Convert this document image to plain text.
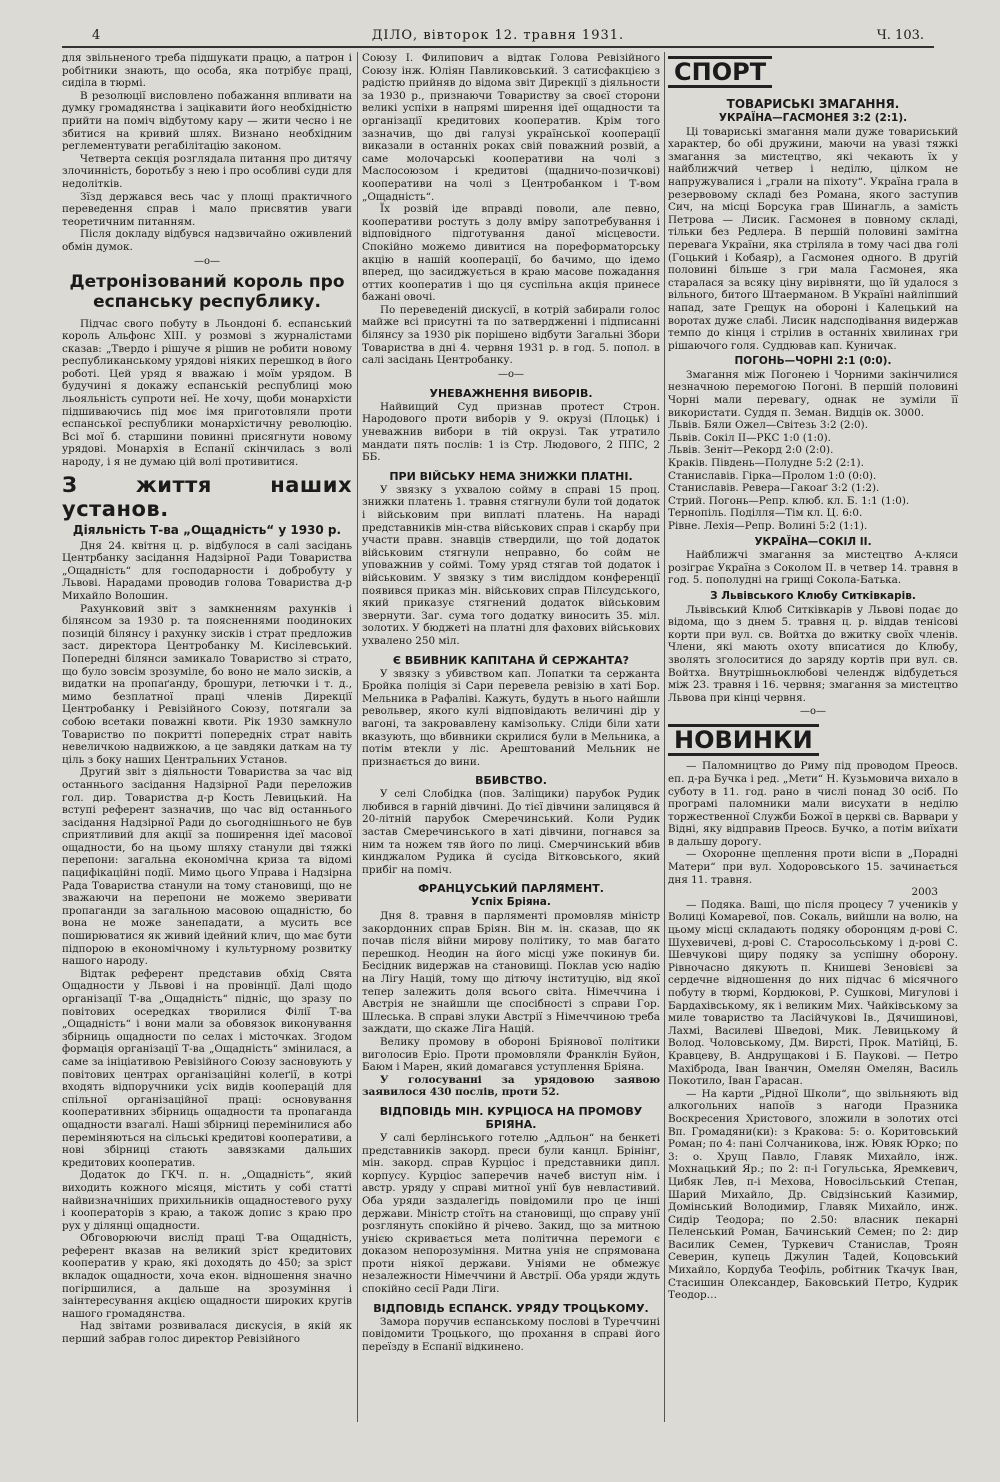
4	ДІЛО, вівторок 12. травня 1931.	Ч. 103.

для звільненого треба підшукати працю, а патрон і робітники знають, що особа, яка потрібує праці, сиділа в тюрмі.

В резолюції висловлено побажання впливати на думку громадянства і зацікавити його необхідністю прийти на поміч відбутому кару — жити чесно і не збитися на кривий шлях. Визнано необхідним реглементувати регабілітацію законом.

Четверта секція розглядала питання про дитячу злочинність, боротьбу з нею і про особливі суди для недолітків.

Зїзд держався весь час у площі практичного переведення справ і мало присвятив уваги теоретичним питанням.

Після докладу відбувся надзвичайно оживлений обмін думок.

—o—
Детронізований король про еспанську республику.

Підчас свого побуту в Льондоні б. еспанський король Альфонс XIII. у розмові з журналістами сказав: „Твердо і рішуче я рішив не робити новому республиканському урядові ніяких перешкод в його роботі. Цей уряд я вважаю і моїм урядом. В будучині я докажу еспанській республиці мою льояльність супроти неї. Не хочу, щоби монархісти підшиваючись під моє імя приготовляли проти еспанської республики монархістичну революцію. Всі мої б. старшини повинні присягнути новому урядові. Монархія в Еспанії скінчилась з волі народу, і я не думаю цій волі противитися.

З життя наших установ.
Діяльність Т-ва „Ощадність“ у 1930 р.

Дня 24. квітня ц. р. відбулося в салі засідань Центрбанку засідання Надзірної Ради Товариства „Ощадність“ для господарности і добробуту у Львові. Нарадами проводив голова Товариства д-р Михайло Волошин.

Рахунковий звіт з замкненням рахунків і білянсом за 1930 р. та поясненнями поодиноких позицій білянсу і рахунку зисків і страт предложив заст. директора Центробанку М. Кисілевський. Попередні білянси замикало Товариство зі страто, що було зовсім зрозуміле, бо воно не мало зисків, а видатки на пропаґанду, брошури, летючки і т. д., мимо безплатної праці членів Дирекції Центробанку і Ревізійного Союзу, потягали за собою всетаки поважні квоти. Рік 1930 замкнуло Товариство по покритті попередніх страт навіть невеличкою надвижкою, а це завдяки даткам на ту ціль з боку наших Центральних Установ.

Другий звіт з діяльности Товариства за час від останнього засідання Надзірної Ради переложив гол. дир. Товариства д-р Кость Левицький. На вступі референт зазначив, що час від останнього засідання Надзірної Ради до сьогоднішнього не був сприятливий для акції за поширення ідеї масової ощадности, бо на цьому шляху станули дві тяжкі перепони: загальна економічна криза та відомі пацифікаційні події. Мимо цього Управа і Надзірна Рада Товариства станули на тому становищі, що не зважаючи на перепони не можемо зверивати пропаганди за загальною масовою ощадністю, бо вона не може занепадати, а мусить все поширюватися як живий ідейний клич, що має бути підпорою в економічному і культурному розвитку нашого народу.

Відтак референт представив обхід Свята Ощадности у Львові і на провінції. Далі щодо організації Т-ва „Ощадність“ підніс, що зразу по повітових осередках творилися Філії Т-ва „Ощадність“ і вони мали за обовязок виконування збірниць ощадности по селах і місточках. Згодом формація організації Т-ва „Ощадність“ змінилася, а саме за ініціативою Ревізійного Союзу засновують у повітових центрах організаційні колеґії, в котрі входять відпоручники усіх видів кооперацій для спільної організаційної праці: основування кооперативних збірниць ощадности та пропаганда ощадности взагалі. Наші збірниці перемінилися або переміняються на сільські кредитові кооперативи, а нові збірниці стають завязками дальших кредитових кооператив.

Додаток до ГКЧ. п. н. „Ощадність“, який виходить кожного місяця, містить у собі статті найвизначніших прихильників ощадностевого руху і кооператорів з краю, а також допис з краю про рух у ділянці ощадности.

Обговорюючи вислід праці Т-ва Ощадність, референт вказав на великий зріст кредитових кооператив у краю, які доходять до 450; за зріст вкладок ощадности, хоча екон. відношення значно погіршилися, а дальше на зрозуміння і заінтересування акцією ощадности широких кругів нашого громадянства.

Над звітами розвивалася дискусія, в якій як перший забрав голос директор Ревізійного

Союзу І. Филипович а відтак Голова Ревізійного Союзу інж. Юліян Павликовський. З сатисфакцією з радістю прийняв до відома звіт Дирекції з діяльности за 1930 р., признаючи Товариству за своєї сторони великі успіхи в напрямі ширення ідеї ощадности та організації кредитових кооператив. Крім того зазначив, що дві галузі української кооперації виказали в останніх роках свій поважний розвій, а саме молочарські кооперативи на чолі з Маслосоюзом і кредитові (щадничо-позичкові) кооперативи на чолі з Центробанком і Т-вом „Ощадність“.

Їх розвій іде вправді поволи, але певно, кооперативи ростуть з долу вміру запотребування і відповідного підготування даної місцевости. Спокійно можемо дивитися на пореформаторську акцію в нашій кооперації, бо бачимо, що ідемо вперед, що засиджується в краю масове пожадання оттих кооператив і що ця суспільна акція принесе бажані овочі.

По переведеній дискусії, в котрій забирали голос майже всі присутні та по затвердженні і підписанні білянсу за 1930 рік порішено відбути Загальні Збори Товариства в дні 4. червня 1931 р. в год. 5. попол. в салі засідань Центробанку.

—o—
УНЕВАЖНЕННЯ ВИБОРІВ.

Найвищий Суд признав протест Строн. Народового проти виборів у 9. окрузі (Плоцьк) і уневажнив вибори в тій окрузі. Так утратило мандати пять послів: 1 із Стр. Людового, 2 ППС, 2 ББ.

ПРИ ВІЙСЬКУ НЕМА ЗНИЖКИ ПЛАТНІ.

У звязку з ухвалою сойму в справі 15 проц. знижки платень 1. травня стягнули були той додаток і військовим при виплаті платень. На нараді представників мін-ства військових справ і скарбу при участи правн. знавців ствердили, що той додаток військовим стягнули неправно, бо сойм не уповажнив у соймі. Тому уряд стягав той додаток і військовим. У звязку з тим висліддом конференції появився приказ мін. військових справ Пілсудського, який приказує стягнений додаток військовим звернути. Заг. сума того додатку виносить 35. міл. золотих. У бюджеті на платні для фахових військових ухвалено 250 міл.

Є ВБИВНИК КАПІТАНА Й СЕРЖАНТА?

У звязку з убивством кап. Лопатки та сержанта Бройка поліція зі Сари перевела ревізію в хаті Бор. Мельника в Рафаліві. Кажуть, будуть в нього найшли револьвер, якого кулі відповідають величині дір у вагоні, та закровавлену камізольку. Сліди біли хати вказують, що вбивники скрилися були в Мельника, а потім втекли у ліс. Арештований Мельник не признається до вини.

ВБИВСТВО.

У селі Слобідка (пов. Заліщики) парубок Рудик любився в гарній дівчині. До тієї дівчини залицявся й 20-літній парубок Смеречинський. Коли Рудик застав Смеречинського в хаті дівчини, погнався за ним та ножем тяв його по лиці. Смерчинський вбив кинджалом Рудика й сусіда Вітковського, який прибіг на поміч.

ФРАНЦУСЬКИЙ ПАРЛЯМЕНТ.
Успіх Бріяна.

Дня 8. травня в парляменті промовляв міністр закордонних справ Бріян. Він м. ін. сказав, що як почав після війни мирову політику, то мав багато перешкод. Неодин на його місці уже покинув би. Бесідник видержав на становищі. Поклав усю надію на Лігу Націй, тому що дітючу інституцію, від якої тепер залежить доля всього світа. Німеччина і Австрія не знайшли ще спосібності з справи Гор. Шлеська. В справі злуки Австрії з Німеччиною треба заждати, що скаже Ліга Націй.

Велику промову в обороні Бріянової політики виголосив Еріо. Проти промовляли Франклін Буйон, Баюм і Марен, який домагався уступлення Бріяна.

У голосуванні за урядовою заявою заявилося 430 послів, проти 52.

ВІДПОВІДЬ МІН. КУРЦІОСА НА ПРОМОВУ БРІЯНА.

У салі берлінського готелю „Адльон“ на бенкеті представників закорд. преси були канцл. Брінінг, мін. закорд. справ Курціос і представники дипл. корпусу. Курціос заперечив начеб виступ нім. і австр. уряду у справі митної унії був невластивий. Оба уряди заздалегідь повідомили про це інші держави. Міністр стоїть на становищі, що справу унії розглянуть спокійно й річево. Закид, що за митною унією скривається мета політична перемоги є доказом непорозуміння. Митна унія не спрямована проти ніякої держави. Уніями не обмежує незалежности Німеччини й Австрії. Оба уряди ждуть спокійно сесії Ради Ліги.

ВІДПОВІДЬ ЕСПАНСК. УРЯДУ ТРОЦЬКОМУ.

Замора поручив еспанському послові в Туреччині повідомити Троцького, що прохання в справі його переїзду в Еспанії відкинено.

СПОРТ
ТОВАРИСЬКІ ЗМАГАННЯ.
УКРАЇНА—ГАСМОНЕЯ 3:2 (2:1).

Ці товариські змагання мали дуже товариський характер, бо обі дружини, маючи на увазі тяжкі змагання за мистецтво, які чекають їх у найближчий четвер і неділю, цілком не напружувалися і „грали на піхоту“. Україна грала в резервовому складі без Романа, якого заступив Сич, на місці Борсука грав Шинагль, а замість Петрова — Лисик. Гасмонея в повному складі, тільки без Редлера. В першій половині замітна перевага України, яка стріляла в тому часі два голі (Гоцький і Кобаяр), а Гасмонея одного. В другій половині більше з гри мала Гасмонея, яка старалася за всяку ціну вирівняти, що їй удалося з вільного, битого Штаерманом. В Україні найліпший напад, зате Грещук на обороні і Калецький на воротах дуже слабі. Лисик надсподівання видержав темпо до кінця і стрілив в останніх хвилинах гри рішаючого голя. Суддював кап. Куничак.

ПОГОНЬ—ЧОРНІ 2:1 (0:0).

Змагання між Погонею і Чорними закінчилися незначною перемогою Погоні. В першій половині Чорні мали перевагу, однак не зуміли її використати. Суддя п. Земан. Видців ок. 3000.

Львів. Бяли Ожел—Світезь 3:2 (2:0).

Львів. Сокіл II—РКС 1:0 (1:0).

Львів. Зеніт—Рекорд 2:0 (2:0).

Краків. Південь—Полудне 5:2 (2:1).

Станиславів. Гірка—Пролом 1:0 (0:0).

Станиславів. Ревера—Гакоаґ 3:2 (1:2).

Стрий. Погонь—Репр. клюб. кл. Б. 1:1 (1:0).

Тернопіль. Поділля—Тім кл. Ц. 6:0.

Рівне. Лехія—Репр. Волині 5:2 (1:1).

УКРАЇНА—СОКІЛ II.

Найближчі змагання за мистецтво А-кляси розіграє Україна з Соколом II. в четвер 14. травня в год. 5. пополудні на грищі Сокола-Батька.

З Львівського Клюбу Ситківкарів.

Львівський Клюб Ситківкарів у Львові подає до відома, що з днем 5. травня ц. р. віддав тенісові корти при вул. св. Войтха до вжитку своїх членів. Члени, які мають охоту вписатися до Клюбу, зволять зголоситися до заряду кортів при вул. св. Войтха. Внутрішньоклюбові челендж відбудеться між 23. травня і 16. червня; змагання за мистецтво Львова при кінці червня.

—o—
НОВИНКИ

— Паломництво до Риму під проводом Преосв. еп. д-ра Бучка і ред. „Мети“ Н. Кузьмовича вихало в суботу в 11. год. рано в числі понад 30 осіб. По програмі паломники мали висухати в неділю торжественної Служби Божої в церкві св. Варвари у Відні, яку відправив Преосв. Бучко, а потім виїхати в дальшу дорогу.

— Охоронне щеплення проти віспи в „Порадні Матери“ при вул. Ходоровського 15. зачинається дня 11. травня.

2003

— Подяка. Ваші, що після процесу 7 учеників у Волиці Комаревої, пов. Сокаль, вийшли на волю, на цьому місці складають подяку оборонцям д-рові С. Шухевичеві, д-рові С. Старосольському і д-рові С. Шевчукові щиру подяку за успішну оборону. Рівночасно дякують п. Книшеві Зеновієві за сердечне відношення до них підчас 6 місячного побуту в тюрмі, Кордюкові, Р. Сушкові, Мигулові і Бардахівському, як і великим Мих. Чайківському за миле товариство та Ласійчукові Ів., Дячишинові, Лахмі, Василеві Шведові, Мик. Левицькому й Волод. Чоловському, Дм. Вирсті, Прок. Матійці, Б. Кравцеву, В. Андрущакові і Б. Пауковi. — Петро Махіброда, Іван Іванчин, Омелян Омелян, Василь Покотило, Іван Гарасан.

— На карти „Рідної Школи“, що звільняють від алкогольних напоїв з нагоди Празника Воскресения Христового, зложили в золотих отсі Вп. Громадяни(ки): з Кракова: 5: о. Коритовський Роман; по 4: пані Солчаникова, інж. Ювяк Юрко; по 3: о. Хрущ Павло, Главяк Михайло, інж. Мохнацький Яр.; по 2: п-і Гогульська, Яремкевич, Цибяк Лев, п-і Мехова, Новосільський Степан, Шарий Михайло, Др. Свідзінський Казимир, Домінський Володимир, Главяк Михайло, инж. Сидір Теодора; по 2.50: власник пекарні Пеленський Роман, Бачинський Семен; по 2: дир Василик Семен, Туркевич Станислав, Троян Северин, купець Джулин Тадей, Коцовський Михайло, Кордуба Теофіль, робітник Ткачук Іван, Стасишин Олександер, Баковський Петро, Кудрик Теодор…
